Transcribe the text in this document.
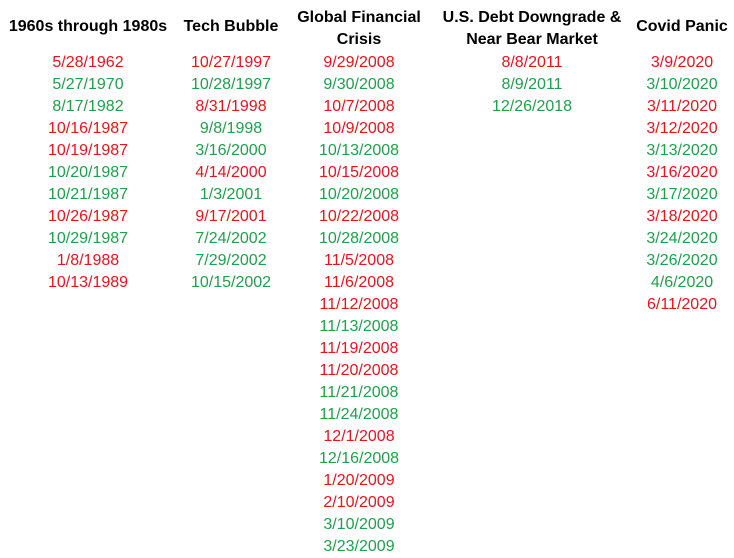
1960s through 1980s
5/28/1962
5/27/1970
8/17/1982
10/16/1987
10/19/1987
10/20/1987
10/21/1987
10/26/1987
10/29/1987
1/8/1988
10/13/1989
Tech Bubble
10/27/1997
10/28/1997
8/31/1998
9/8/1998
3/16/2000
4/14/2000
1/3/2001
9/17/2001
7/24/2002
7/29/2002
10/15/2002
Global Financial
Crisis
9/29/2008
9/30/2008
10/7/2008
10/9/2008
10/13/2008
10/15/2008
10/20/2008
10/22/2008
10/28/2008
11/5/2008
11/6/2008
11/12/2008
11/13/2008
11/19/2008
11/20/2008
11/21/2008
11/24/2008
12/1/2008
12/16/2008
1/20/2009
2/10/2009
3/10/2009
3/23/2009
U.S. Debt Downgrade &
Near Bear Market
8/8/2011
8/9/2011
12/26/2018
Covid Panic
3/9/2020
3/10/2020
3/11/2020
3/12/2020
3/13/2020
3/16/2020
3/17/2020
3/18/2020
3/24/2020
3/26/2020
4/6/2020
6/11/2020
